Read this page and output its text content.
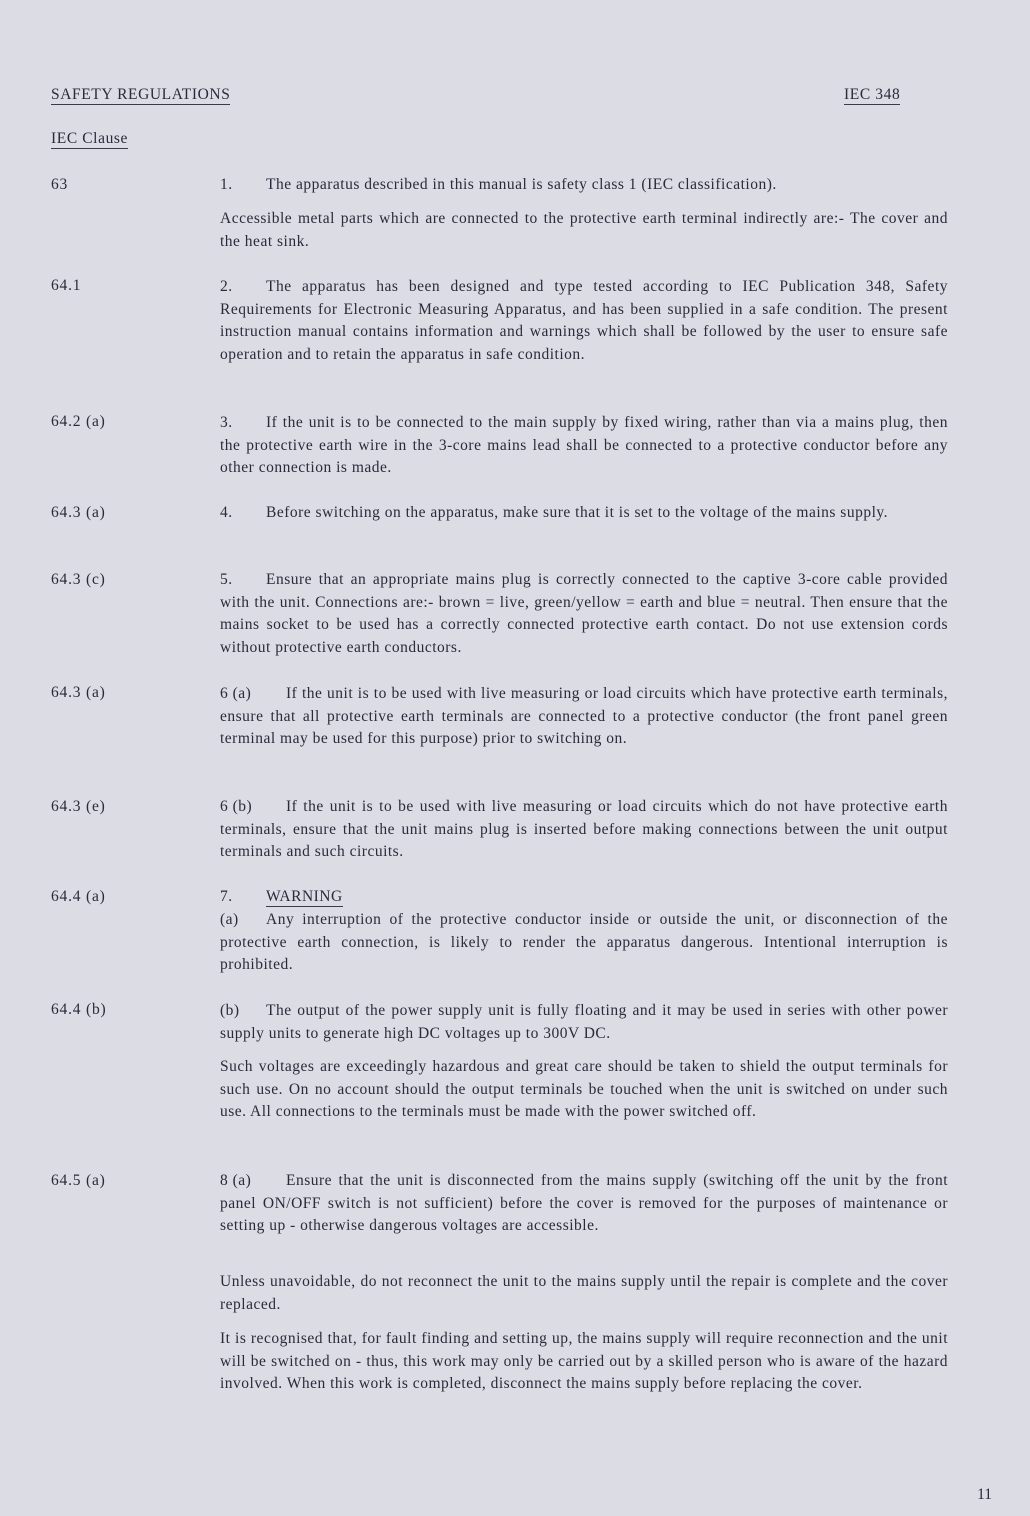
SAFETY REGULATIONS	IEC 348
IEC Clause
63	1. The apparatus described in this manual is safety class 1 (IEC classification).

Accessible metal parts which are connected to the protective earth terminal indirectly are:- The cover and the heat sink.

64.1	2. The apparatus has been designed and type tested according to IEC Publication 348, Safety Requirements for Electronic Measuring Apparatus, and has been supplied in a safe condition. The present instruction manual contains information and warnings which shall be followed by the user to ensure safe operation and to retain the apparatus in safe condition.

64.2 (a)	3. If the unit is to be connected to the main supply by fixed wiring, rather than via a mains plug, then the protective earth wire in the 3-core mains lead shall be connected to a protective conductor before any other connection is made.

64.3 (a)	4. Before switching on the apparatus, make sure that it is set to the voltage of the mains supply.

64.3 (c)	5. Ensure that an appropriate mains plug is correctly connected to the captive 3-core cable provided with the unit. Connections are:- brown = live, green/yellow = earth and blue = neutral. Then ensure that the mains socket to be used has a correctly connected protective earth contact. Do not use extension cords without protective earth conductors.

64.3 (a)	6 (a) If the unit is to be used with live measuring or load circuits which have protective earth terminals, ensure that all protective earth terminals are connected to a protective conductor (the front panel green terminal may be used for this purpose) prior to switching on.

64.3 (e)	6 (b) If the unit is to be used with live measuring or load circuits which do not have protective earth terminals, ensure that the unit mains plug is inserted before making connections between the unit output terminals and such circuits.

64.4 (a)	7. WARNING

(a) Any interruption of the protective conductor inside or outside the unit, or disconnection of the protective earth connection, is likely to render the apparatus dangerous. Intentional interruption is prohibited.

64.4 (b)	(b) The output of the power supply unit is fully floating and it may be used in series with other power supply units to generate high DC voltages up to 300V DC.

Such voltages are exceedingly hazardous and great care should be taken to shield the output terminals for such use. On no account should the output terminals be touched when the unit is switched on under such use. All connections to the terminals must be made with the power switched off.

64.5 (a)	8 (a) Ensure that the unit is disconnected from the mains supply (switching off the unit by the front panel ON/OFF switch is not sufficient) before the cover is removed for the purposes of maintenance or setting up - otherwise dangerous voltages are accessible.

Unless unavoidable, do not reconnect the unit to the mains supply until the repair is complete and the cover replaced.

It is recognised that, for fault finding and setting up, the mains supply will require reconnection and the unit will be switched on - thus, this work may only be carried out by a skilled person who is aware of the hazard involved. When this work is completed, disconnect the mains supply before replacing the cover.

11
